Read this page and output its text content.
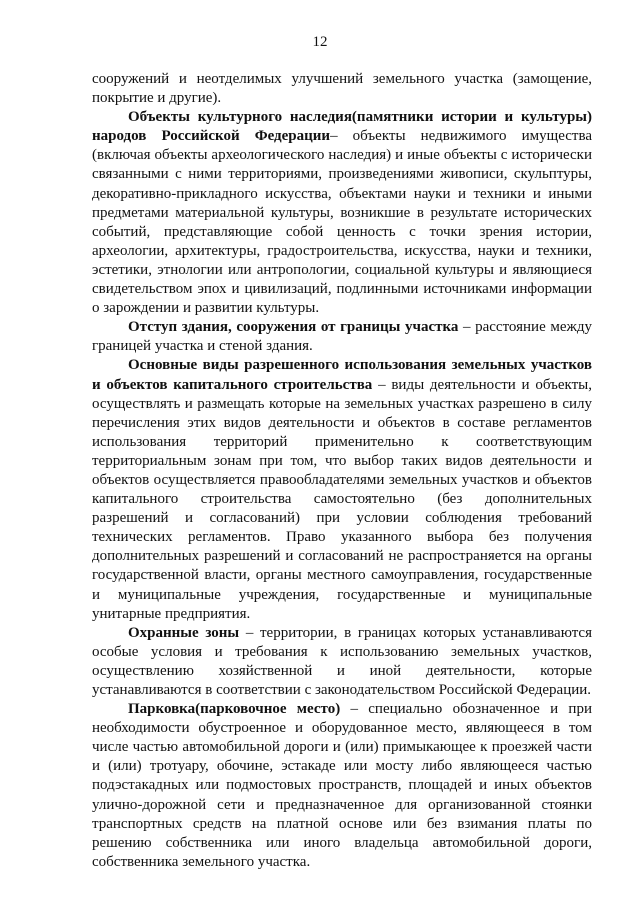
12

сооружений и неотделимых улучшений земельного участка (замощение, покрытие и другие).

Объекты культурного наследия(памятники истории и культуры) народов Российской Федерации– объекты недвижимого имущества (включая объекты археологического наследия) и иные объекты с исторически связанными с ними территориями, произведениями живописи, скульптуры, декоративно-прикладного искусства, объектами науки и техники и иными предметами материальной культуры, возникшие в результате исторических событий, представляющие собой ценность с точки зрения истории, археологии, архитектуры, градостроительства, искусства, науки и техники, эстетики, этнологии или антропологии, социальной культуры и являющиеся свидетельством эпох и цивилизаций, подлинными источниками информации о зарождении и развитии культуры.

Отступ здания, сооружения от границы участка – расстояние между границей участка и стеной здания.

Основные виды разрешенного использования земельных участков и объектов капитального строительства – виды деятельности и объекты, осуществлять и размещать которые на земельных участках разрешено в силу перечисления этих видов деятельности и объектов в составе регламентов использования территорий применительно к соответствующим территориальным зонам при том, что выбор таких видов деятельности и объектов осуществляется правообладателями земельных участков и объектов капитального строительства самостоятельно (без дополнительных разрешений и согласований) при условии соблюдения требований технических регламентов. Право указанного выбора без получения дополнительных разрешений и согласований не распространяется на органы государственной власти, органы местного самоуправления, государственные и муниципальные учреждения, государственные и муниципальные унитарные предприятия.

Охранные зоны – территории, в границах которых устанавливаются особые условия и требования к использованию земельных участков, осуществлению хозяйственной и иной деятельности, которые устанавливаются в соответствии с законодательством Российской Федерации.

Парковка(парковочное место) – специально обозначенное и при необходимости обустроенное и оборудованное место, являющееся в том числе частью автомобильной дороги и (или) примыкающее к проезжей части и (или) тротуару, обочине, эстакаде или мосту либо являющееся частью подэстакадных или подмостовых пространств, площадей и иных объектов улично-дорожной сети и предназначенное для организованной стоянки транспортных средств на платной основе или без взимания платы по решению собственника или иного владельца автомобильной дороги, собственника земельного участка.
